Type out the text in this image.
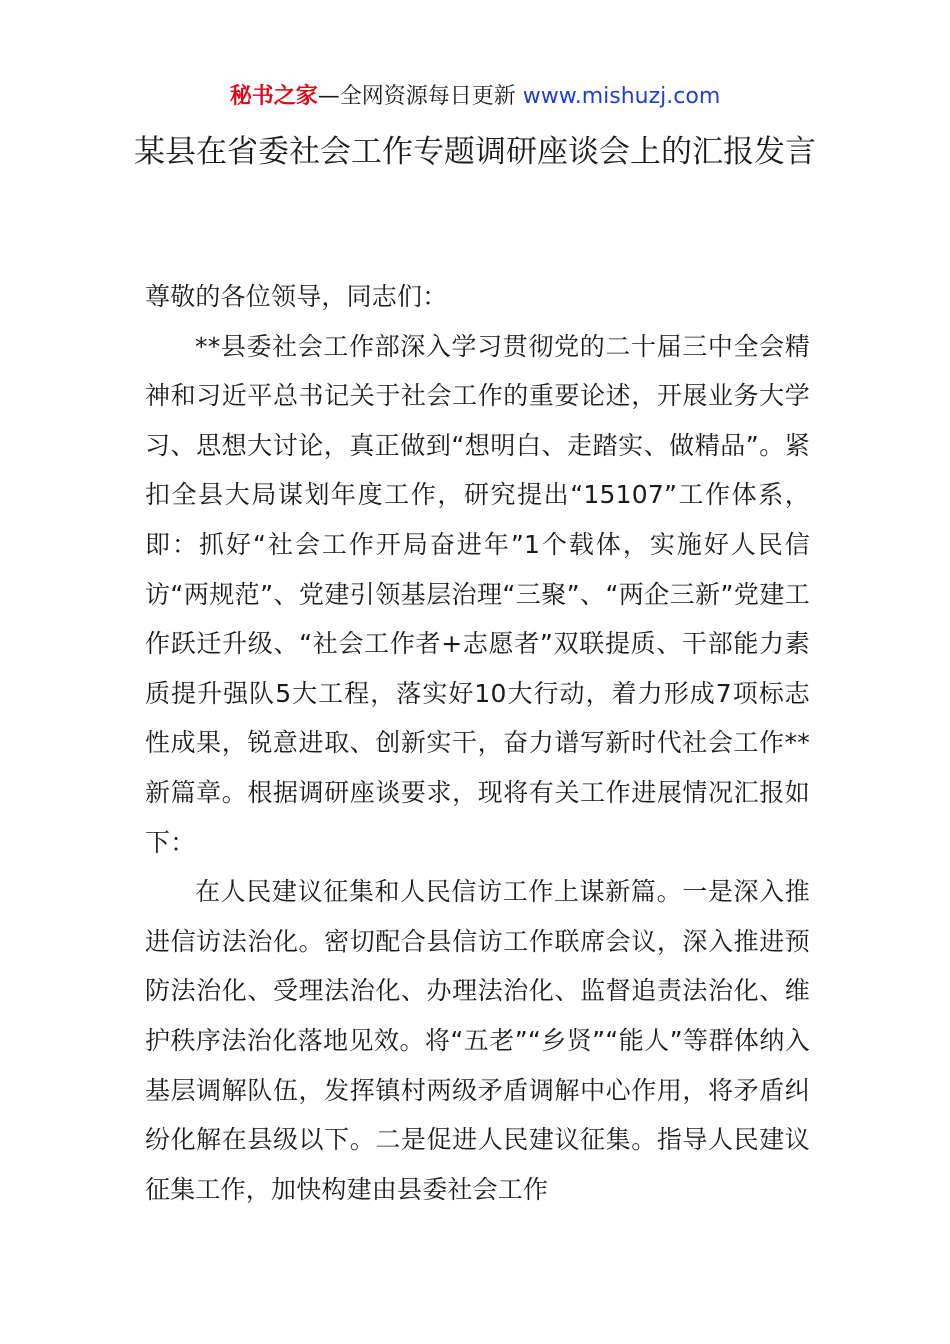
秘书之家—全网资源每日更新 www.mishuzj.com
某县在省委社会工作专题调研座谈会上的汇报发言

尊敬的各位领导，同志们：

**县委社会工作部深入学习贯彻党的二十届三中全会精神和习近平总书记关于社会工作的重要论述，开展业务大学习、思想大讨论，真正做到“想明白、走踏实、做精品”。紧扣全县大局谋划年度工作，研究提出“15107”工作体系，即：抓好“社会工作开局奋进年”1个载体，实施好人民信访“两规范”、党建引领基层治理“三聚”、“两企三新”党建工作跃迁升级、“社会工作者+志愿者”双联提质、干部能力素质提升强队5大工程，落实好10大行动，着力形成7项标志性成果，锐意进取、创新实干，奋力谱写新时代社会工作**新篇章。根据调研座谈要求，现将有关工作进展情况汇报如下：

在人民建议征集和人民信访工作上谋新篇。一是深入推进信访法治化。密切配合县信访工作联席会议，深入推进预防法治化、受理法治化、办理法治化、监督追责法治化、维护秩序法治化落地见效。将“五老”“乡贤”“能人”等群体纳入基层调解队伍，发挥镇村两级矛盾调解中心作用，将矛盾纠纷化解在县级以下。二是促进人民建议征集。指导人民建议征集工作，加快构建由县委社会工作
